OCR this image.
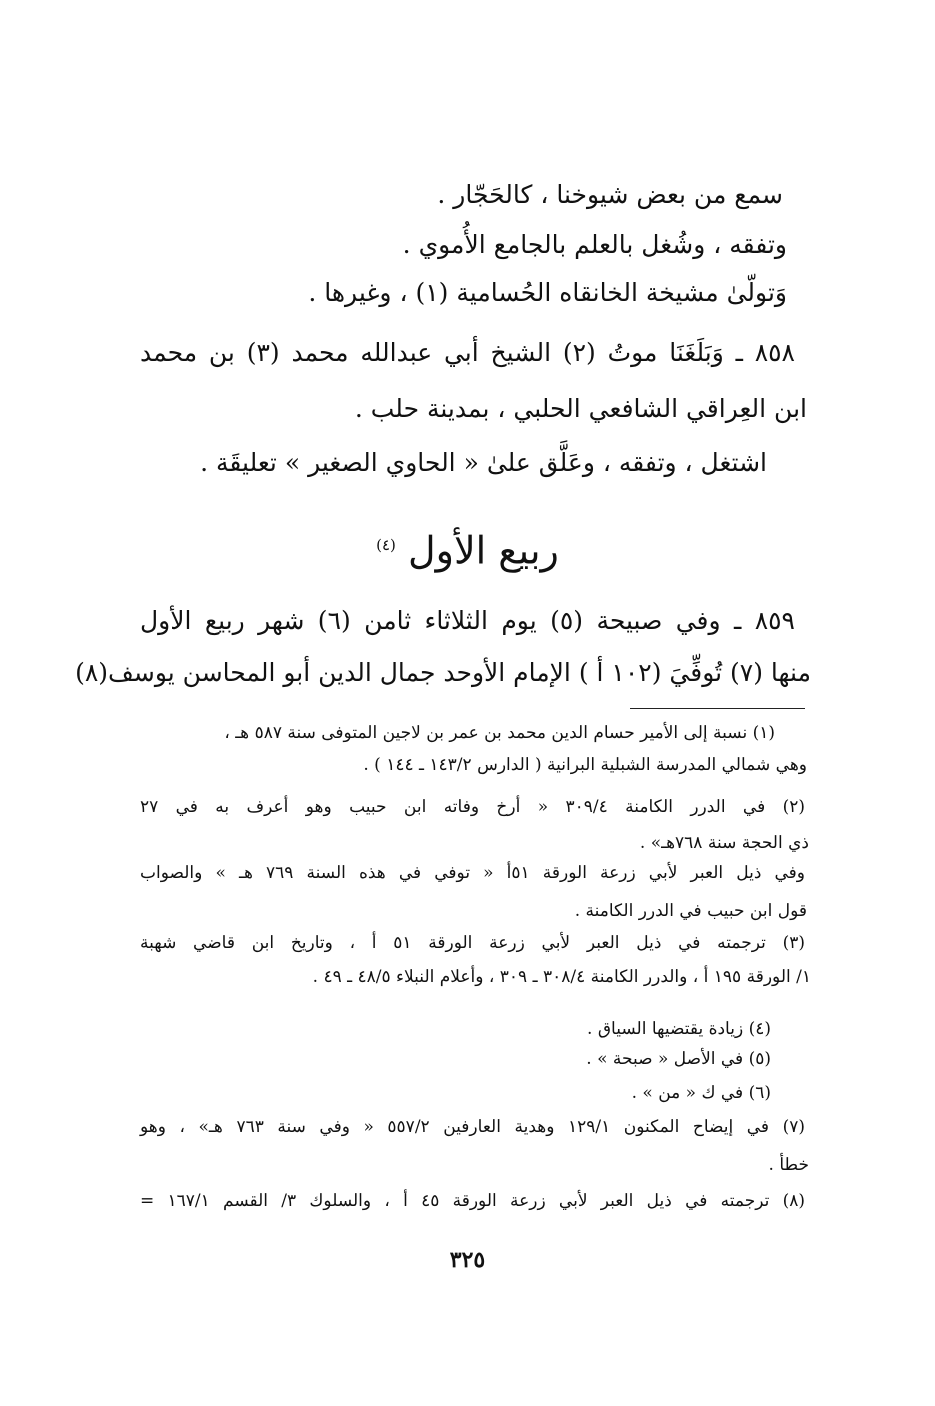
سمع من بعض شيوخنا ، كالحَجّار .
وتفقه ، وشُغل بالعلم بالجامع الأُموي .
وَتولّىٰ مشيخة الخانقاه الحُسامية (١) ، وغيرها .
٨٥٨ ـ وَبَلَغَنَا موتُ (٢) الشيخ أبي عبدالله محمد (٣) بن محمد
ابن العِراقي الشافعي الحلبي ، بمدينة حلب .
اشتغل ، وتفقه ، وعَلَّق علىٰ « الحاوي الصغير » تعليقَة .
ربيع الأول $^{(٤)}$
٨٥٩ ـ وفي صبيحة (٥) يوم الثلاثاء ثامن (٦) شهر ربيع الأول
منها (٧) تُوفِّيَ (١٠٢ أ ) الإمام الأوحد جمال الدين أبو المحاسن يوسف(٨)
(١) نسبة إلى الأمير حسام الدين محمد بن عمر بن لاجين المتوفى سنة ٥٨٧ هـ ،
وهي شمالي المدرسة الشبلية البرانية ( الدارس ١٤٣/٢ ـ ١٤٤ ) .
(٢) في الدرر الكامنة ٣٠٩/٤ « أرخ وفاته ابن حبيب وهو أعرف به في ٢٧
ذي الحجة سنة ٧٦٨هـ» .
وفي ذيل العبر لأبي زرعة الورقة ٥١أ « توفي في هذه السنة ٧٦٩ هـ » والصواب
قول ابن حبيب في الدرر الكامنة .
(٣) ترجمته في ذيل العبر لأبي زرعة الورقة ٥١ أ ، وتاريخ ابن قاضي شهبة
١/ الورقة ١٩٥ أ ، والدرر الكامنة ٣٠٨/٤ ـ ٣٠٩ ، وأعلام النبلاء ٤٨/٥ ـ ٤٩ .
(٤) زيادة يقتضيها السياق .
(٥) في الأصل « صبحة » .
(٦) في ك « من » .
(٧) في إيضاح المكنون ١٢٩/١ وهدية العارفين ٥٥٧/٢ « وفي سنة ٧٦٣ هـ» ، وهو
خطأ .
(٨) ترجمته في ذيل العبر لأبي زرعة الورقة ٤٥ أ ، والسلوك ٣/ القسم ١٦٧/١ =
٣٢٥
